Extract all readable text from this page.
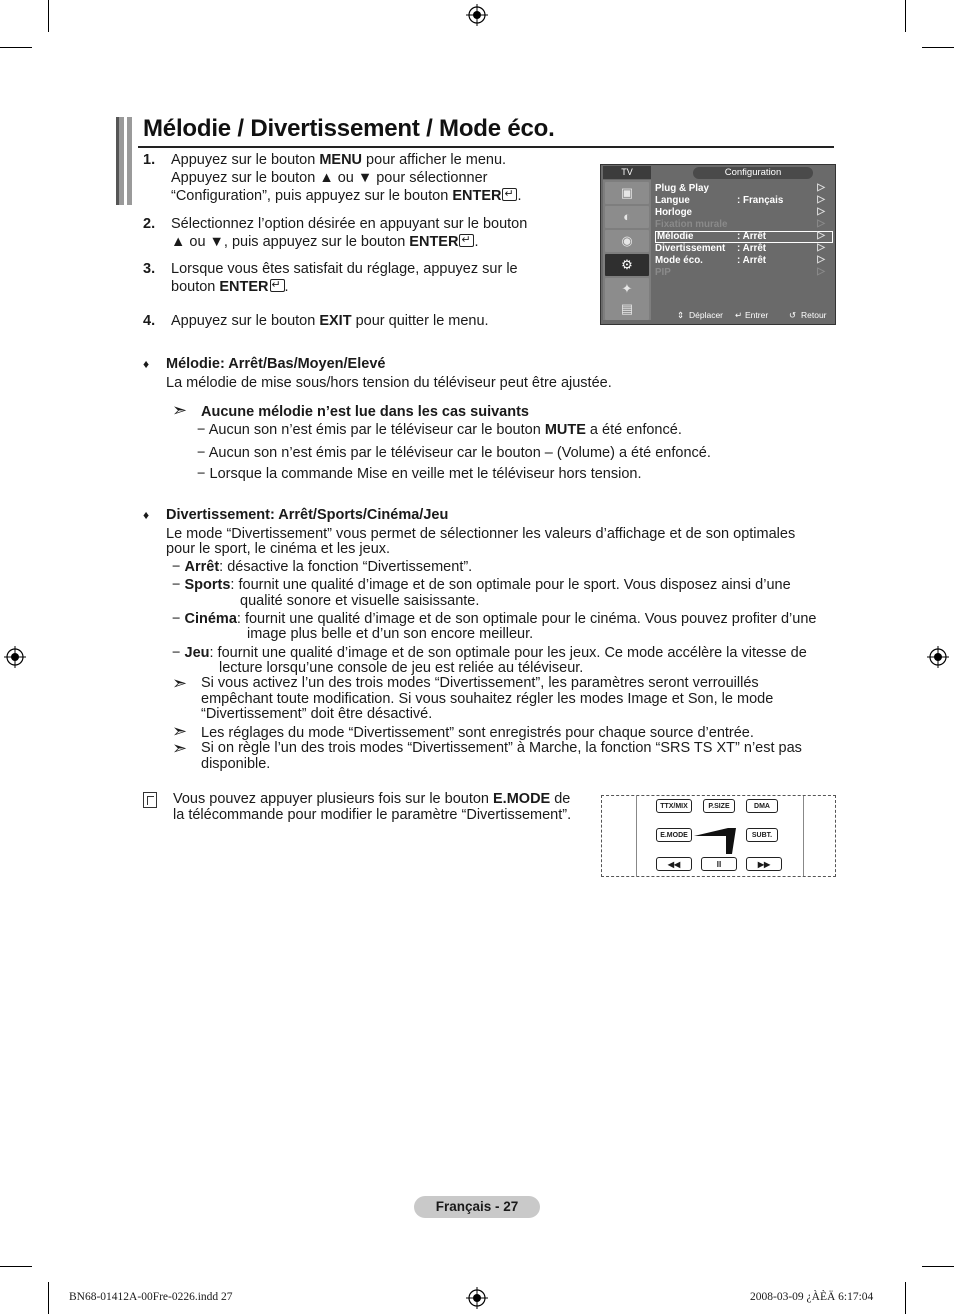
Mélodie / Divertissement / Mode éco.
1. Appuyez sur le bouton MENU pour afficher le menu.
Appuyez sur le bouton ▲ ou ▼ pour sélectionner
“Configuration”, puis appuyez sur le bouton ENTER ↵ .
2. Sélectionnez l’option désirée en appuyant sur le bouton
▲ ou ▼, puis appuyez sur le bouton ENTER ↵ .
3. Lorsque vous êtes satisfait du réglage, appuyez sur le
bouton ENTER ↵ .
4. Appuyez sur le bouton EXIT pour quitter le menu.
TV	Configuration
▣
◐
◉
⚙
✦
▤
Plug & Play	▷
Langue	: Français	▷
Horloge	▷
Fixation murale	▷
Mélodie	: Arrêt	▷
Divertissement : Arrêt	▷
Mode éco.	: Arrêt	▷
PIP	▷
⇕ Déplacer ↵ Entrer ↺ Retour
♦ Mélodie: Arrêt/Bas/Moyen/Elevé
La mélodie de mise sous/hors tension du téléviseur peut être ajustée.
➣ Aucune mélodie n’est lue dans les cas suivants
− Aucun son n’est émis par le téléviseur car le bouton MUTE a été enfoncé.
− Aucun son n’est émis par le téléviseur car le bouton – (Volume) a été enfoncé.
− Lorsque la commande Mise en veille met le téléviseur hors tension.
♦ Divertissement: Arrêt/Sports/Cinéma/Jeu
Le mode “Divertissement” vous permet de sélectionner les valeurs d’affichage et de son optimales
pour le sport, le cinéma et les jeux.
− Arrêt: désactive la fonction “Divertissement”.
− Sports: fournit une qualité d’image et de son optimale pour le sport. Vous disposez ainsi d’une
qualité sonore et visuelle saisissante.
− Cinéma: fournit une qualité d’image et de son optimale pour le cinéma. Vous pouvez profiter d’une
image plus belle et d’un son encore meilleur.
− Jeu: fournit une qualité d’image et de son optimale pour les jeux. Ce mode accélère la vitesse de
lecture lorsqu’une console de jeu est reliée au téléviseur.
➣ Si vous activez l’un des trois modes “Divertissement”, les paramètres seront verrouillés
empêchant toute modification. Si vous souhaitez régler les modes Image et Son, le mode
“Divertissement” doit être désactivé.
➣ Les réglages du mode “Divertissement” sont enregistrés pour chaque source d’entrée.
➣ Si on règle l’un des trois modes “Divertissement” à Marche, la fonction “SRS TS XT” n’est pas
disponible.
Vous pouvez appuyer plusieurs fois sur le bouton E.MODE de
la télécommande pour modifier le paramètre “Divertissement”.	TTX/MIX	P.SIZE	DMA
E.MODE	SUBT.
◀◀	II	▶▶
Français - 27
BN68-01412A-00Fre-0226.indd 27	2008-03-09 ¿ÀÈÄ 6:17:04
